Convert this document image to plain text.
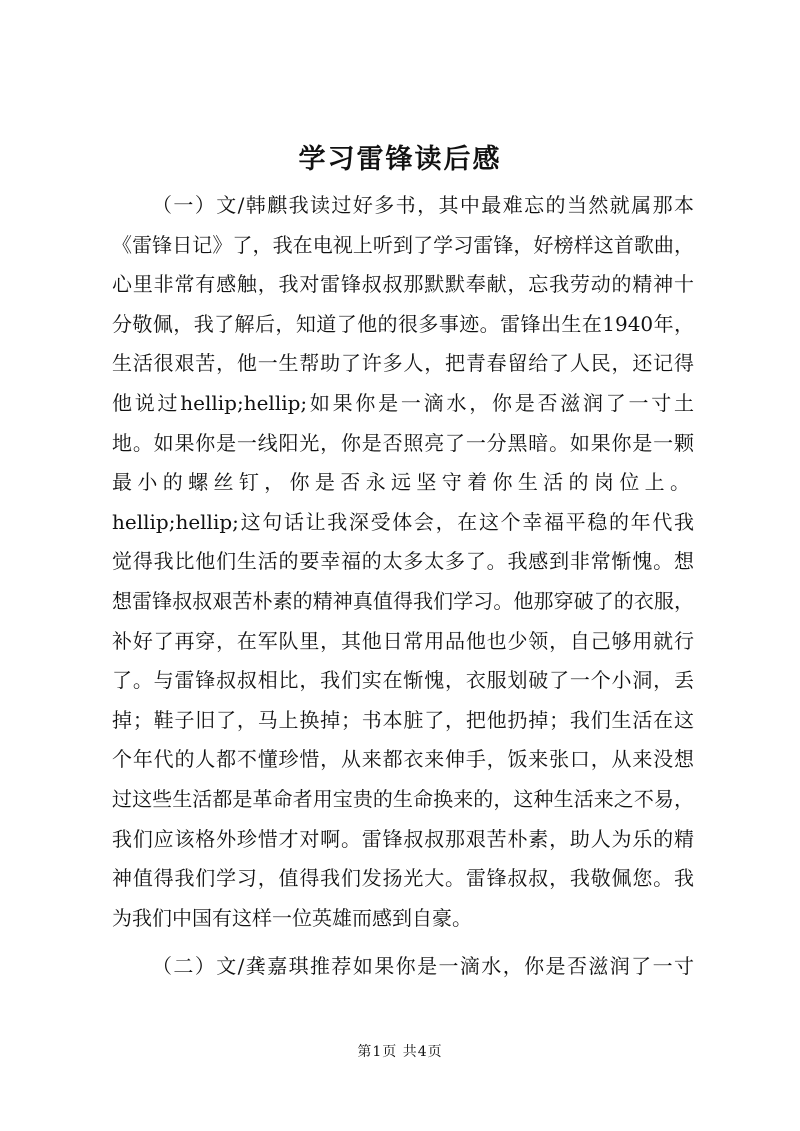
学习雷锋读后感
（一）文/韩麒我读过好多书，其中最难忘的当然就属那本
《雷锋日记》了，我在电视上听到了学习雷锋，好榜样这首歌曲，
心里非常有感触，我对雷锋叔叔那默默奉献，忘我劳动的精神十
分敬佩，我了解后，知道了他的很多事迹。雷锋出生在1940年，
生活很艰苦，他一生帮助了许多人，把青春留给了人民，还记得
他说过hellip;hellip;如果你是一滴水，你是否滋润了一寸土
地。如果你是一线阳光，你是否照亮了一分黑暗。如果你是一颗
最小的螺丝钉，你是否永远坚守着你生活的岗位上。
hellip;hellip;这句话让我深受体会，在这个幸福平稳的年代我
觉得我比他们生活的要幸福的太多太多了。我感到非常惭愧。想
想雷锋叔叔艰苦朴素的精神真值得我们学习。他那穿破了的衣服，
补好了再穿，在军队里，其他日常用品他也少领，自己够用就行
了。与雷锋叔叔相比，我们实在惭愧，衣服划破了一个小洞，丢
掉；鞋子旧了，马上换掉；书本脏了，把他扔掉；我们生活在这
个年代的人都不懂珍惜，从来都衣来伸手，饭来张口，从来没想
过这些生活都是革命者用宝贵的生命换来的，这种生活来之不易，
我们应该格外珍惜才对啊。雷锋叔叔那艰苦朴素，助人为乐的精
神值得我们学习，值得我们发扬光大。雷锋叔叔，我敬佩您。我
为我们中国有这样一位英雄而感到自豪。
（二）文/龚嘉琪推荐如果你是一滴水，你是否滋润了一寸
第1页 共4页
